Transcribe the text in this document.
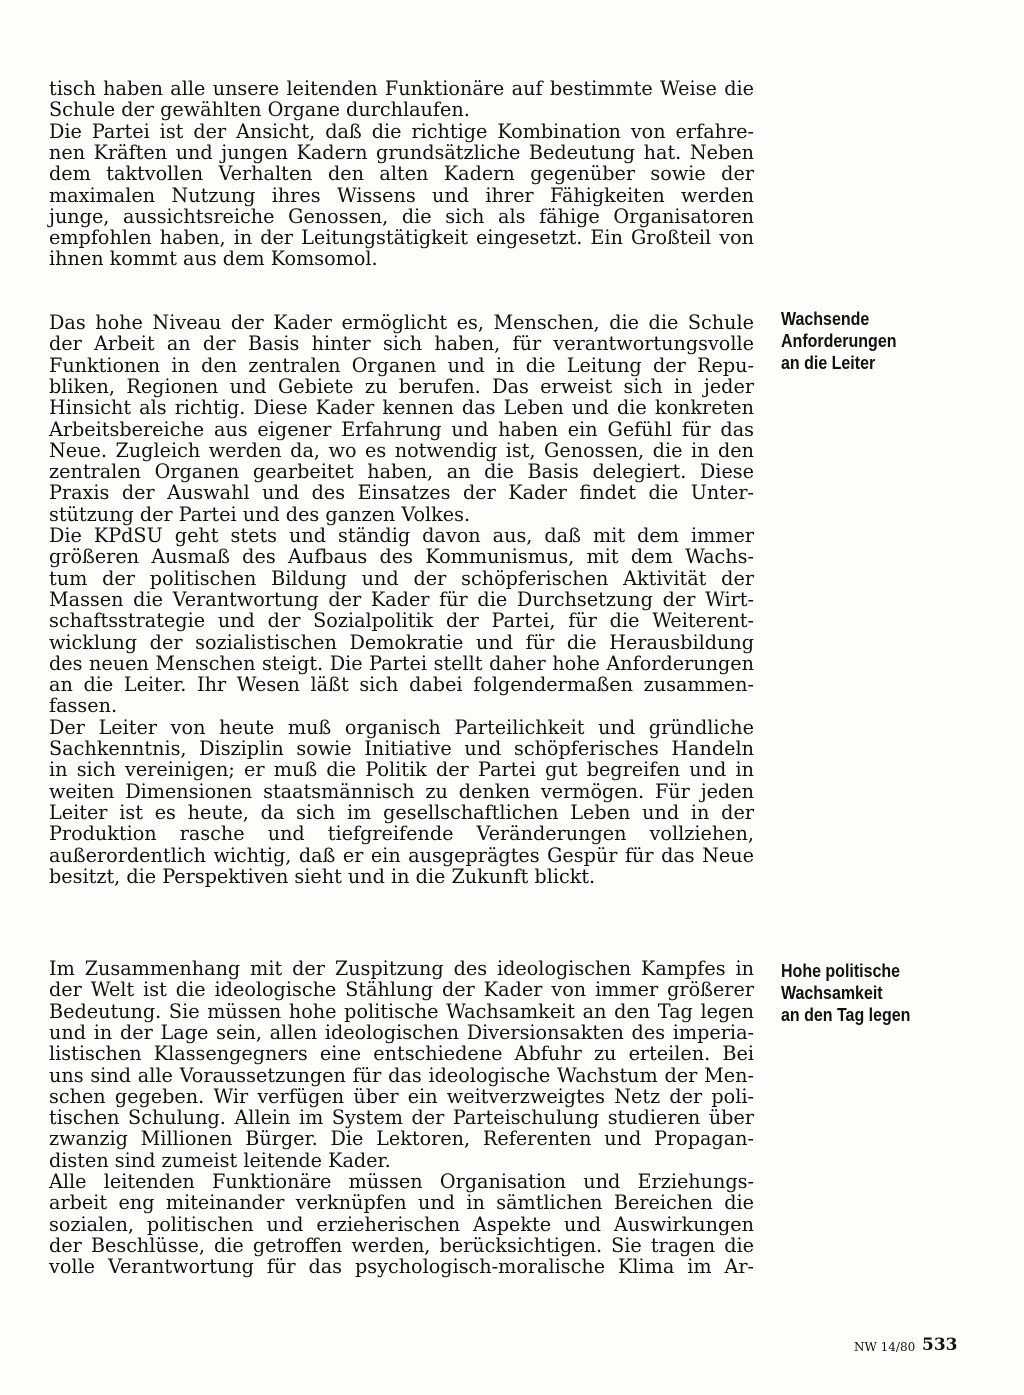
tisch haben alle unsere leitenden Funktionäre auf bestimmte Weise die
Schule der gewählten Organe durchlaufen.
Die Partei ist der Ansicht, daß die richtige Kombination von erfahre-
nen Kräften und jungen Kadern grundsätzliche Bedeutung hat. Neben
dem taktvollen Verhalten den alten Kadern gegenüber sowie der
maximalen Nutzung ihres Wissens und ihrer Fähigkeiten werden
junge, aussichtsreiche Genossen, die sich als fähige Organisatoren
empfohlen haben, in der Leitungstätigkeit eingesetzt. Ein Großteil von
ihnen kommt aus dem Komsomol.
Das hohe Niveau der Kader ermöglicht es, Menschen, die die Schule
der Arbeit an der Basis hinter sich haben, für verantwortungsvolle
Funktionen in den zentralen Organen und in die Leitung der Repu-
bliken, Regionen und Gebiete zu berufen. Das erweist sich in jeder
Hinsicht als richtig. Diese Kader kennen das Leben und die konkreten
Arbeitsbereiche aus eigener Erfahrung und haben ein Gefühl für das
Neue. Zugleich werden da, wo es notwendig ist, Genossen, die in den
zentralen Organen gearbeitet haben, an die Basis delegiert. Diese
Praxis der Auswahl und des Einsatzes der Kader findet die Unter-
stützung der Partei und des ganzen Volkes.
Die KPdSU geht stets und ständig davon aus, daß mit dem immer
größeren Ausmaß des Aufbaus des Kommunismus, mit dem Wachs-
tum der politischen Bildung und der schöpferischen Aktivität der
Massen die Verantwortung der Kader für die Durchsetzung der Wirt-
schaftsstrategie und der Sozialpolitik der Partei, für die Weiterent-
wicklung der sozialistischen Demokratie und für die Herausbildung
des neuen Menschen steigt. Die Partei stellt daher hohe Anforderungen
an die Leiter. Ihr Wesen läßt sich dabei folgendermaßen zusammen-
fassen.
Der Leiter von heute muß organisch Parteilichkeit und gründliche
Sachkenntnis, Disziplin sowie Initiative und schöpferisches Handeln
in sich vereinigen; er muß die Politik der Partei gut begreifen und in
weiten Dimensionen staatsmännisch zu denken vermögen. Für jeden
Leiter ist es heute, da sich im gesellschaftlichen Leben und in der
Produktion rasche und tiefgreifende Veränderungen vollziehen,
außerordentlich wichtig, daß er ein ausgeprägtes Gespür für das Neue
besitzt, die Perspektiven sieht und in die Zukunft blickt.
Im Zusammenhang mit der Zuspitzung des ideologischen Kampfes in
der Welt ist die ideologische Stählung der Kader von immer größerer
Bedeutung. Sie müssen hohe politische Wachsamkeit an den Tag legen
und in der Lage sein, allen ideologischen Diversionsakten des imperia-
listischen Klassengegners eine entschiedene Abfuhr zu erteilen. Bei
uns sind alle Voraussetzungen für das ideologische Wachstum der Men-
schen gegeben. Wir verfügen über ein weitverzweigtes Netz der poli-
tischen Schulung. Allein im System der Parteischulung studieren über
zwanzig Millionen Bürger. Die Lektoren, Referenten und Propagan-
disten sind zumeist leitende Kader.
Alle leitenden Funktionäre müssen Organisation und Erziehungs-
arbeit eng miteinander verknüpfen und in sämtlichen Bereichen die
sozialen, politischen und erzieherischen Aspekte und Auswirkungen
der Beschlüsse, die getroffen werden, berücksichtigen. Sie tragen die
volle Verantwortung für das psychologisch-moralische Klima im Ar-
Wachsende
Anforderungen
an die Leiter
Hohe politische
Wachsamkeit
an den Tag legen
NW 14/80 533
